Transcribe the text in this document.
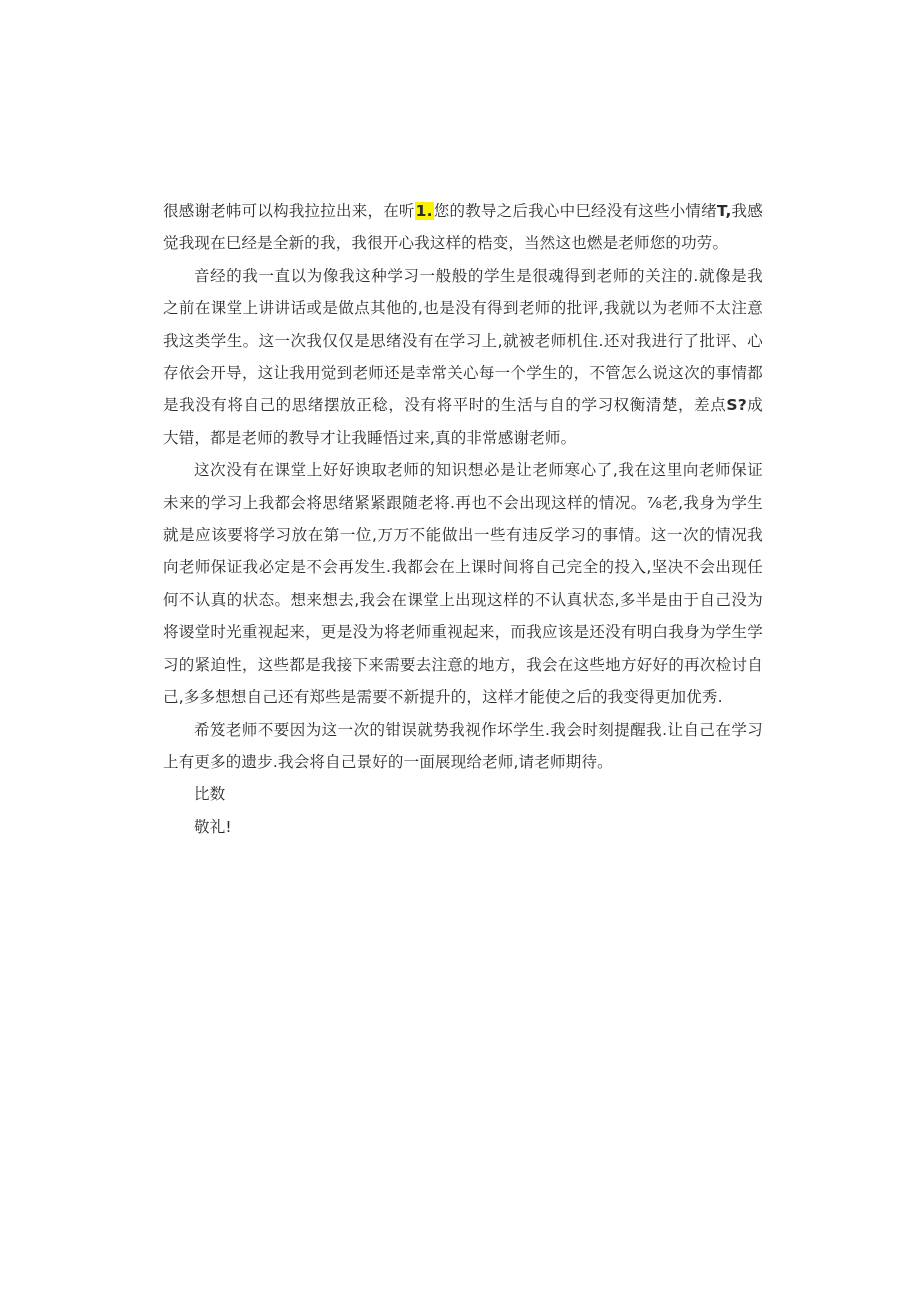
很感谢老帏可以构我拉拉出来，在听1.您的教导之后我心中巳经没有这些小情绪T,我感觉我现在巳经是全新的我，我很开心我这样的梏变，当然这也燃是老师您的功劳。

音经的我一直以为像我这种学习一般般的学生是很魂得到老师的关注的.就像是我之前在课堂上讲讲话或是做点其他的,也是没有得到老师的批评,我就以为老师不太注意我这类学生。这一次我仅仅是思绪没有在学习上,就被老师机住.还对我进行了批评、心存依会开导，这让我用觉到老师还是幸常关心每一个学生的，不管怎么说这次的事情都是我没有将自己的思绪摆放正稔，没有将平时的生活与自的学习权衡清楚，差点S?成大错，都是老师的教导才让我睡悟过来,真的非常感谢老师。

这次没有在课堂上好好谀取老师的知识想必是让老师寒心了,我在这里向老师保证未来的学习上我都会将思绪紧紧跟随老将.再也不会出现这样的情况。⅞老,我身为学生就是应该要将学习放在第一位,万万不能做出一些有违反学习的事情。这一次的情况我向老师保证我必定是不会再发生.我都会在上课时间将自己完全的投入,坚决不会出现任何不认真的状态。想来想去,我会在课堂上出现这样的不认真状态,多半是由于自己没为将谡堂时光重视起来，更是没为将老师重视起来，而我应该是还没有明白我身为学生学习的紧迫性，这些都是我接下来需要去注意的地方，我会在这些地方好好的再次检讨自己,多多想想自己还有郑些是需要不新提升的，这样才能使之后的我变得更加优秀.

希笈老师不要因为这一次的钳误就势我视作坏学生.我会时刻提醒我.让自己在学习上有更多的遗步.我会将自己景好的一面展现给老师,请老师期待。

比数

敬礼!
